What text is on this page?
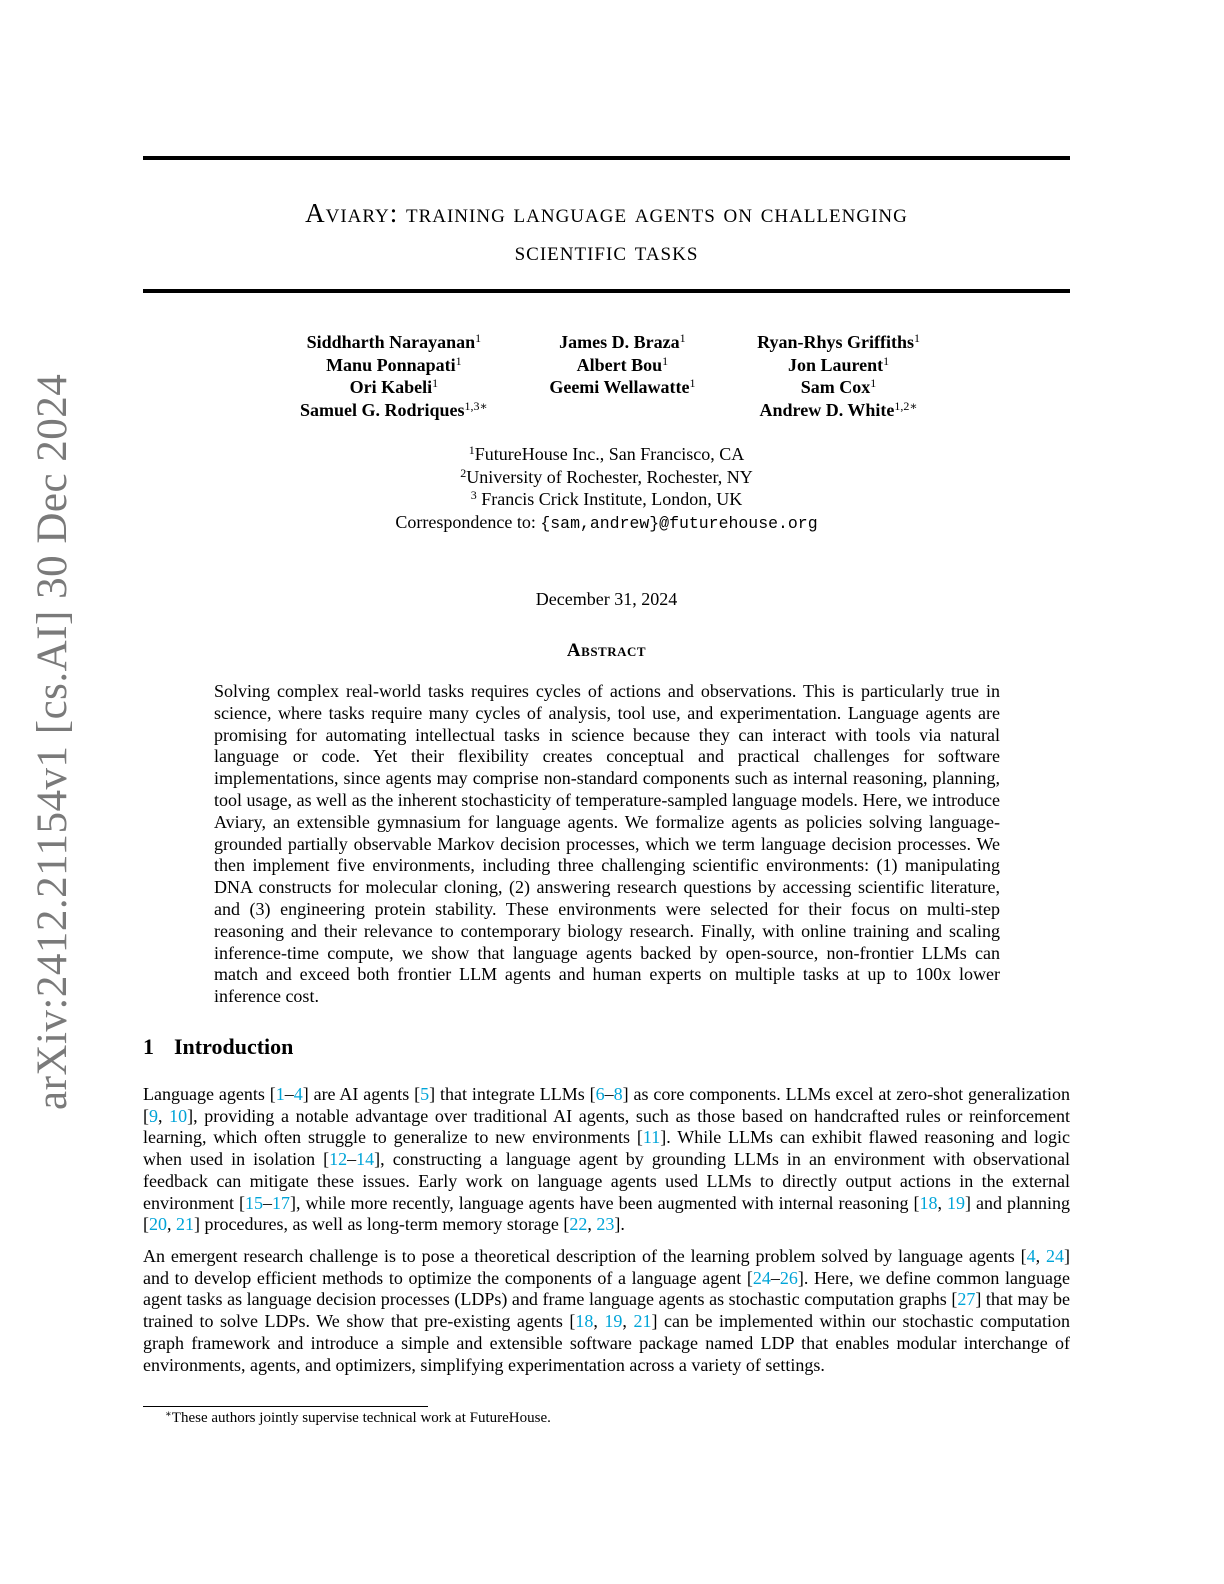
arXiv:2412.21154v1 [cs.AI] 30 Dec 2024
Aviary: training language agents on challenging
scientific tasks
Siddharth Narayanan$^1$
Manu Ponnapati$^1$
Ori Kabeli$^1$
Samuel G. Rodriques$^{1,3∗}$
James D. Braza$^1$
Albert Bou$^1$
Geemi Wellawatte$^1$
Ryan-Rhys Griffiths$^1$
Jon Laurent$^1$
Sam Cox$^1$
Andrew D. White$^{1,2∗}$
$^1$FutureHouse Inc., San Francisco, CA
$^2$University of Rochester, Rochester, NY
$^3$ Francis Crick Institute, London, UK
Correspondence to: {sam,andrew}@futurehouse.org
December 31, 2024
Abstract

Solving complex real-world tasks requires cycles of actions and observations. This is particularly true in science, where tasks require many cycles of analysis, tool use, and experimentation. Language agents are promising for automating intellectual tasks in science because they can interact with tools via natural language or code. Yet their flexibility creates conceptual and practical challenges for software implementations, since agents may comprise non-standard components such as internal reasoning, planning, tool usage, as well as the inherent stochasticity of temperature-sampled language models. Here, we introduce Aviary, an extensible gymnasium for language agents. We formalize agents as policies solving language-grounded partially observable Markov decision processes, which we term language decision processes. We then implement five environments, including three challenging scientific environments: (1) manipulating DNA constructs for molecular cloning, (2) answering research questions by accessing scientific literature, and (3) engineering protein stability. These environments were selected for their focus on multi-step reasoning and their relevance to contemporary biology research. Finally, with online training and scaling inference-time compute, we show that language agents backed by open-source, non-frontier LLMs can match and exceed both frontier LLM agents and human experts on multiple tasks at up to 100x lower inference cost.

1 Introduction

Language agents [1–4] are AI agents [5] that integrate LLMs [6–8] as core components. LLMs excel at zero-shot generalization [9, 10], providing a notable advantage over traditional AI agents, such as those based on handcrafted rules or reinforcement learning, which often struggle to generalize to new environments [11]. While LLMs can exhibit flawed reasoning and logic when used in isolation [12–14], constructing a language agent by grounding LLMs in an environment with observational feedback can mitigate these issues. Early work on language agents used LLMs to directly output actions in the external environment [15–17], while more recently, language agents have been augmented with internal reasoning [18, 19] and planning [20, 21] procedures, as well as long-term memory storage [22, 23].

An emergent research challenge is to pose a theoretical description of the learning problem solved by language agents [4, 24] and to develop efficient methods to optimize the components of a language agent [24–26]. Here, we define common language agent tasks as language decision processes (LDPs) and frame language agents as stochastic computation graphs [27] that may be trained to solve LDPs. We show that pre-existing agents [18, 19, 21] can be implemented within our stochastic computation graph framework and introduce a simple and extensible software package named LDP that enables modular interchange of environments, agents, and optimizers, simplifying experimentation across a variety of settings.

∗These authors jointly supervise technical work at FutureHouse.
